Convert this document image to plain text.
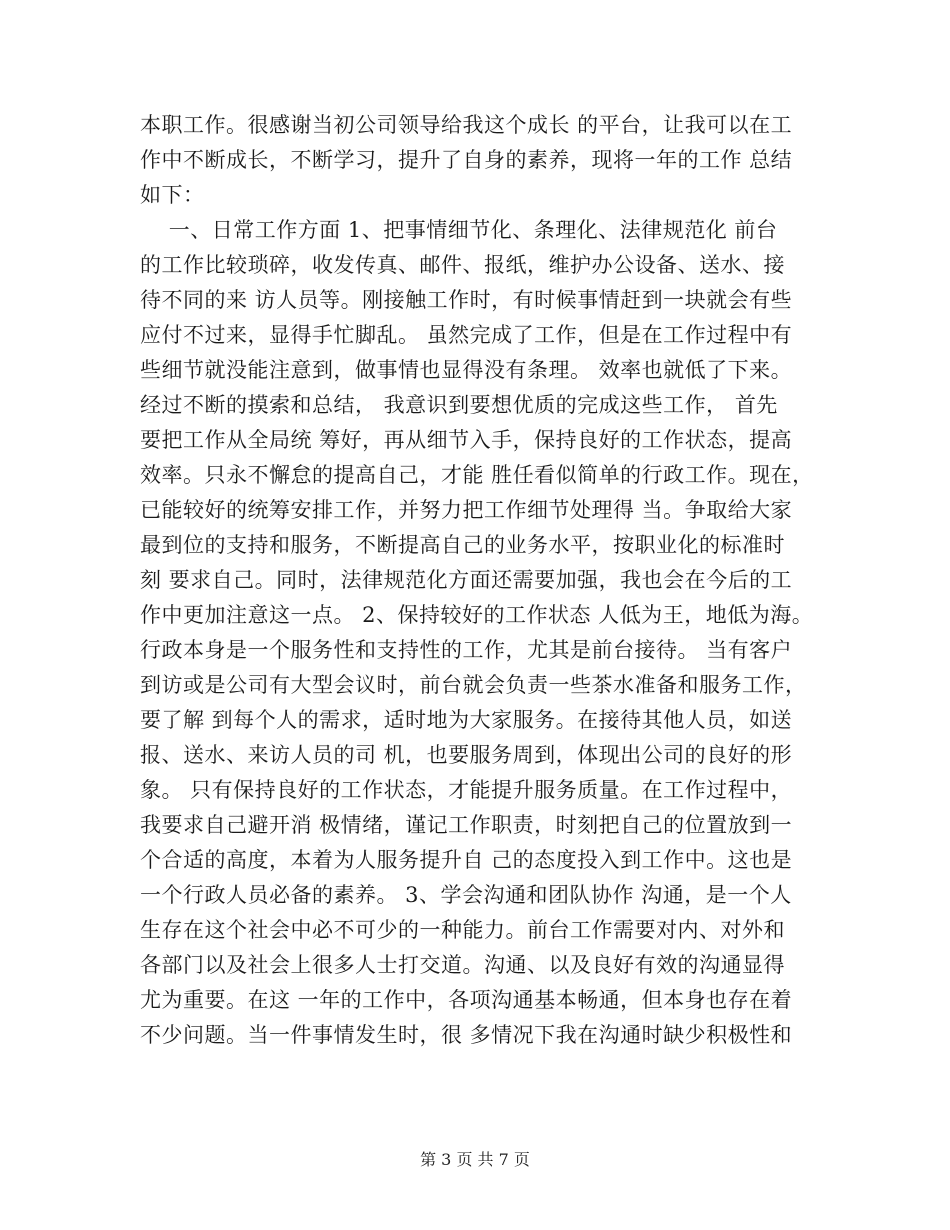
本职工作。很感谢当初公司领导给我这个成长 的平台，让我可以在工
作中不断成长，不断学习，提升了自身的素养，现将一年的工作 总结
如下：
一、日常工作方面 1、把事情细节化、条理化、法律规范化 前台
的工作比较琐碎，收发传真、邮件、报纸，维护办公设备、送水、接
待不同的来 访人员等。刚接触工作时，有时候事情赶到一块就会有些
应付不过来，显得手忙脚乱。 虽然完成了工作，但是在工作过程中有
些细节就没能注意到，做事情也显得没有条理。 效率也就低了下来。
经过不断的摸索和总结， 我意识到要想优质的完成这些工作， 首先
要把工作从全局统 筹好，再从细节入手，保持良好的工作状态，提高
效率。只永不懈怠的提高自己，才能 胜任看似简单的行政工作。现在，
已能较好的统筹安排工作，并努力把工作细节处理得 当。争取给大家
最到位的支持和服务，不断提高自己的业务水平，按职业化的标准时
刻 要求自己。同时，法律规范化方面还需要加强，我也会在今后的工
作中更加注意这一点。 2、保持较好的工作状态 人低为王，地低为海。
行政本身是一个服务性和支持性的工作，尤其是前台接待。 当有客户
到访或是公司有大型会议时，前台就会负责一些茶水准备和服务工作，
要了解 到每个人的需求，适时地为大家服务。在接待其他人员，如送
报、送水、来访人员的司 机，也要服务周到，体现出公司的良好的形
象。 只有保持良好的工作状态，才能提升服务质量。在工作过程中，
我要求自己避开消 极情绪，谨记工作职责，时刻把自己的位置放到一
个合适的高度，本着为人服务提升自 己的态度投入到工作中。这也是
一个行政人员必备的素养。 3、学会沟通和团队协作 沟通，是一个人
生存在这个社会中必不可少的一种能力。前台工作需要对内、对外和
各部门以及社会上很多人士打交道。沟通、以及良好有效的沟通显得
尤为重要。在这 一年的工作中，各项沟通基本畅通，但本身也存在着
不少问题。当一件事情发生时，很 多情况下我在沟通时缺少积极性和
第 3 页 共 7 页
